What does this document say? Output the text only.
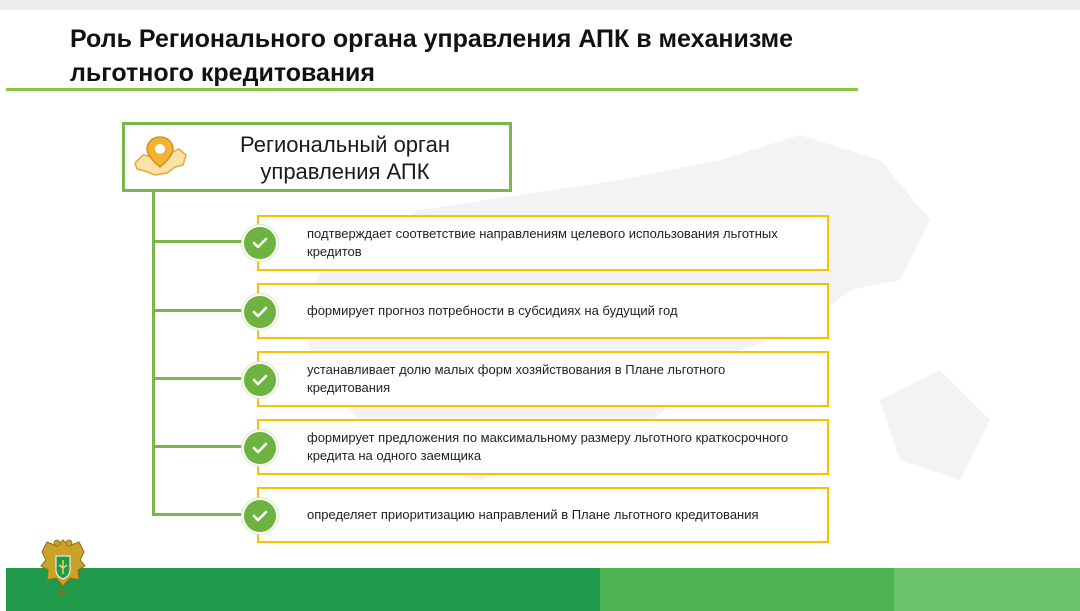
Роль Регионального органа управления АПК в механизме льготного кредитования

Региональный орган управления АПК

подтверждает соответствие направлениям целевого использования льготных кредитов

формирует прогноз потребности в субсидиях на будущий год

устанавливает долю малых форм хозяйствования в Плане льготного кредитования

формирует предложения по максимальному размеру льготного краткосрочного кредита на одного заемщика

определяет приоритизацию направлений в Плане льготного кредитования
